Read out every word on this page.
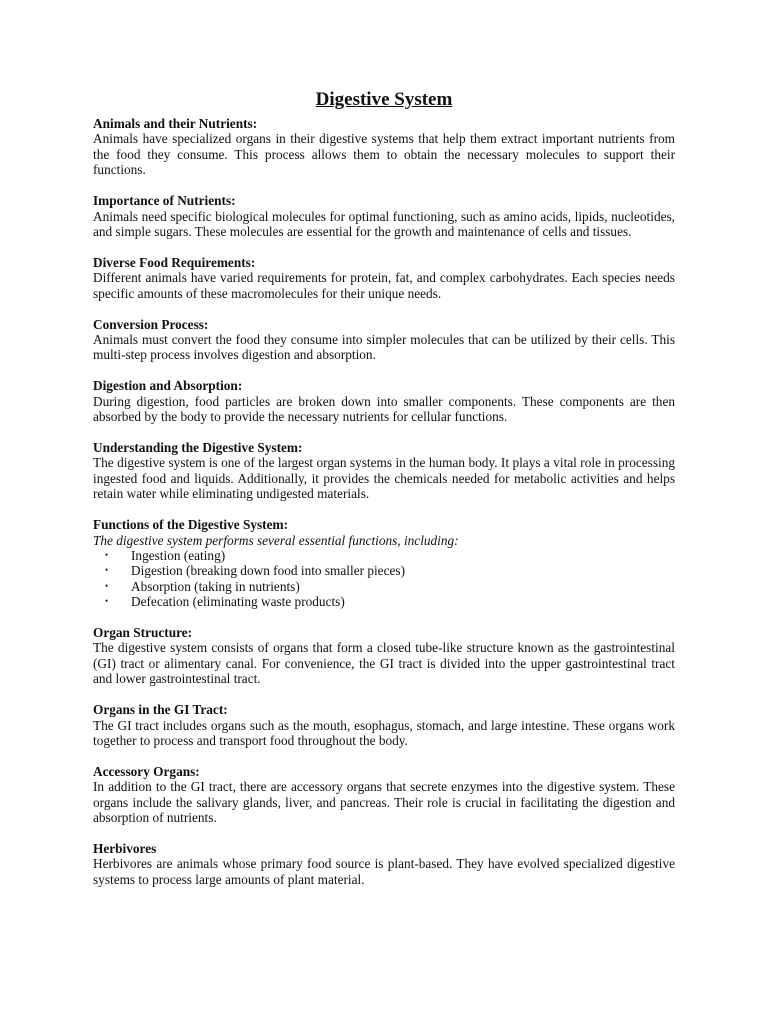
Digestive System

Animals and their Nutrients:

Animals have specialized organs in their digestive systems that help them extract important nutrients from the food they consume. This process allows them to obtain the necessary molecules to support their functions.

Importance of Nutrients:

Animals need specific biological molecules for optimal functioning, such as amino acids, lipids, nucleotides, and simple sugars. These molecules are essential for the growth and maintenance of cells and tissues.

Diverse Food Requirements:

Different animals have varied requirements for protein, fat, and complex carbohydrates. Each species needs specific amounts of these macromolecules for their unique needs.

Conversion Process:

Animals must convert the food they consume into simpler molecules that can be utilized by their cells. This multi-step process involves digestion and absorption.

Digestion and Absorption:

During digestion, food particles are broken down into smaller components. These components are then absorbed by the body to provide the necessary nutrients for cellular functions.

Understanding the Digestive System:

The digestive system is one of the largest organ systems in the human body. It plays a vital role in processing ingested food and liquids. Additionally, it provides the chemicals needed for metabolic activities and helps retain water while eliminating undigested materials.

Functions of the Digestive System:

The digestive system performs several essential functions, including:

•	Ingestion (eating)
•	Digestion (breaking down food into smaller pieces)
•	Absorption (taking in nutrients)
•	Defecation (eliminating waste products)

Organ Structure:

The digestive system consists of organs that form a closed tube-like structure known as the gastrointestinal (GI) tract or alimentary canal. For convenience, the GI tract is divided into the upper gastrointestinal tract and lower gastrointestinal tract.

Organs in the GI Tract:

The GI tract includes organs such as the mouth, esophagus, stomach, and large intestine. These organs work together to process and transport food throughout the body.

Accessory Organs:

In addition to the GI tract, there are accessory organs that secrete enzymes into the digestive system. These organs include the salivary glands, liver, and pancreas. Their role is crucial in facilitating the digestion and absorption of nutrients.

Herbivores

Herbivores are animals whose primary food source is plant-based. They have evolved specialized digestive systems to process large amounts of plant material.
